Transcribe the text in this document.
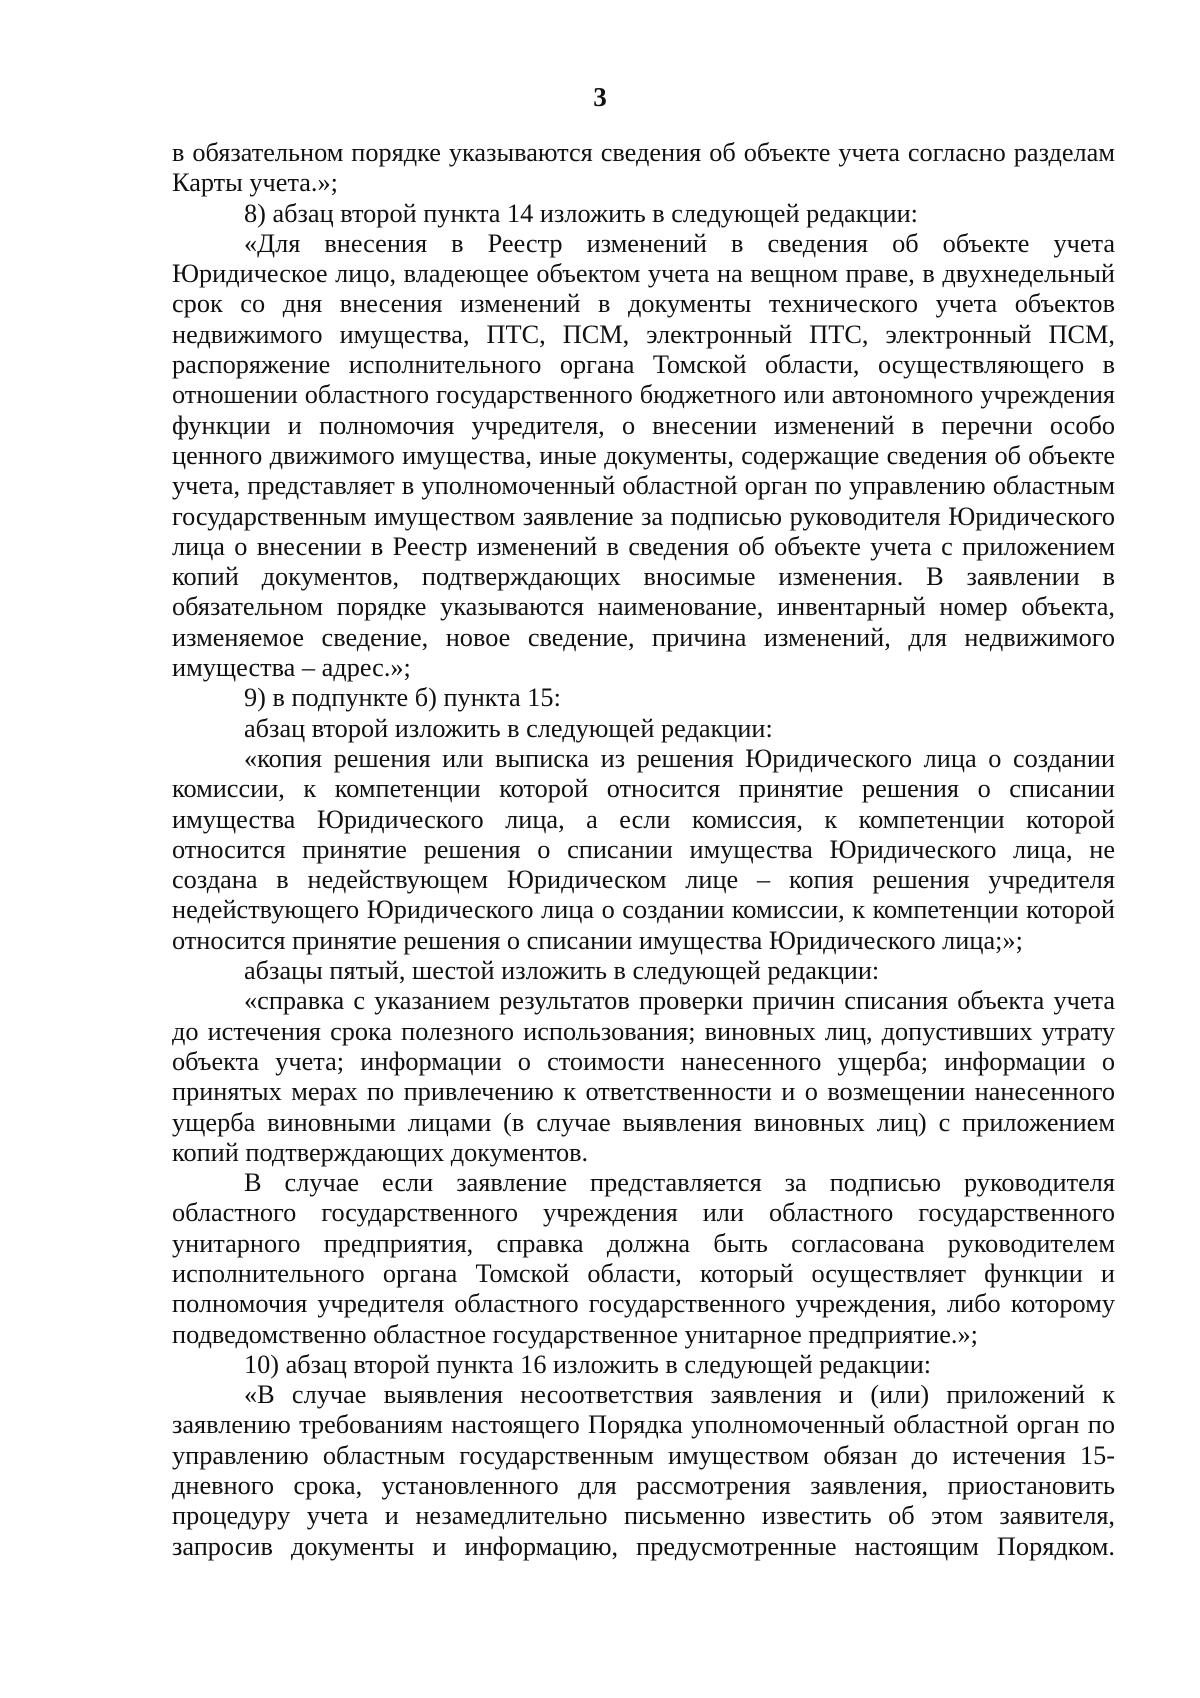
3

в обязательном порядке указываются сведения об объекте учета согласно разделам Карты учета.»;

8) абзац второй пункта 14 изложить в следующей редакции:

«Для внесения в Реестр изменений в сведения об объекте учета Юридическое лицо, владеющее объектом учета на вещном праве, в двухнедельный срок со дня внесения изменений в документы технического учета объектов недвижимого имущества, ПТС, ПСМ, электронный ПТС, электронный ПСМ, распоряжение исполнительного органа Томской области, осуществляющего в отношении областного государственного бюджетного или автономного учреждения функции и полномочия учредителя, о внесении изменений в перечни особо ценного движимого имущества, иные документы, содержащие сведения об объекте учета, представляет в уполномоченный областной орган по управлению областным государственным имуществом заявление за подписью руководителя Юридического лица о внесении в Реестр изменений в сведения об объекте учета с приложением копий документов, подтверждающих вносимые изменения. В заявлении в обязательном порядке указываются наименование, инвентарный номер объекта, изменяемое сведение, новое сведение, причина изменений, для недвижимого имущества – адрес.»;

9) в подпункте б) пункта 15:

абзац второй изложить в следующей редакции:

«копия решения или выписка из решения Юридического лица о создании комиссии, к компетенции которой относится принятие решения о списании имущества Юридического лица, а если комиссия, к компетенции которой относится принятие решения о списании имущества Юридического лица, не создана в недействующем Юридическом лице – копия решения учредителя недействующего Юридического лица о создании комиссии, к компетенции которой относится принятие решения о списании имущества Юридического лица;»;

абзацы пятый, шестой изложить в следующей редакции:

«справка с указанием результатов проверки причин списания объекта учета до истечения срока полезного использования; виновных лиц, допустивших утрату объекта учета; информации о стоимости нанесенного ущерба; информации о принятых мерах по привлечению к ответственности и о возмещении нанесенного ущерба виновными лицами (в случае выявления виновных лиц) с приложением копий подтверждающих документов.

В случае если заявление представляется за подписью руководителя областного государственного учреждения или областного государственного унитарного предприятия, справка должна быть согласована руководителем исполнительного органа Томской области, который осуществляет функции и полномочия учредителя областного государственного учреждения, либо которому подведомственно областное государственное унитарное предприятие.»;

10) абзац второй пункта 16 изложить в следующей редакции:

«В случае выявления несоответствия заявления и (или) приложений к заявлению требованиям настоящего Порядка уполномоченный областной орган по управлению областным государственным имуществом обязан до истечения 15-дневного срока, установленного для рассмотрения заявления, приостановить процедуру учета и незамедлительно письменно известить об этом заявителя, запросив документы и информацию, предусмотренные настоящим Порядком.
